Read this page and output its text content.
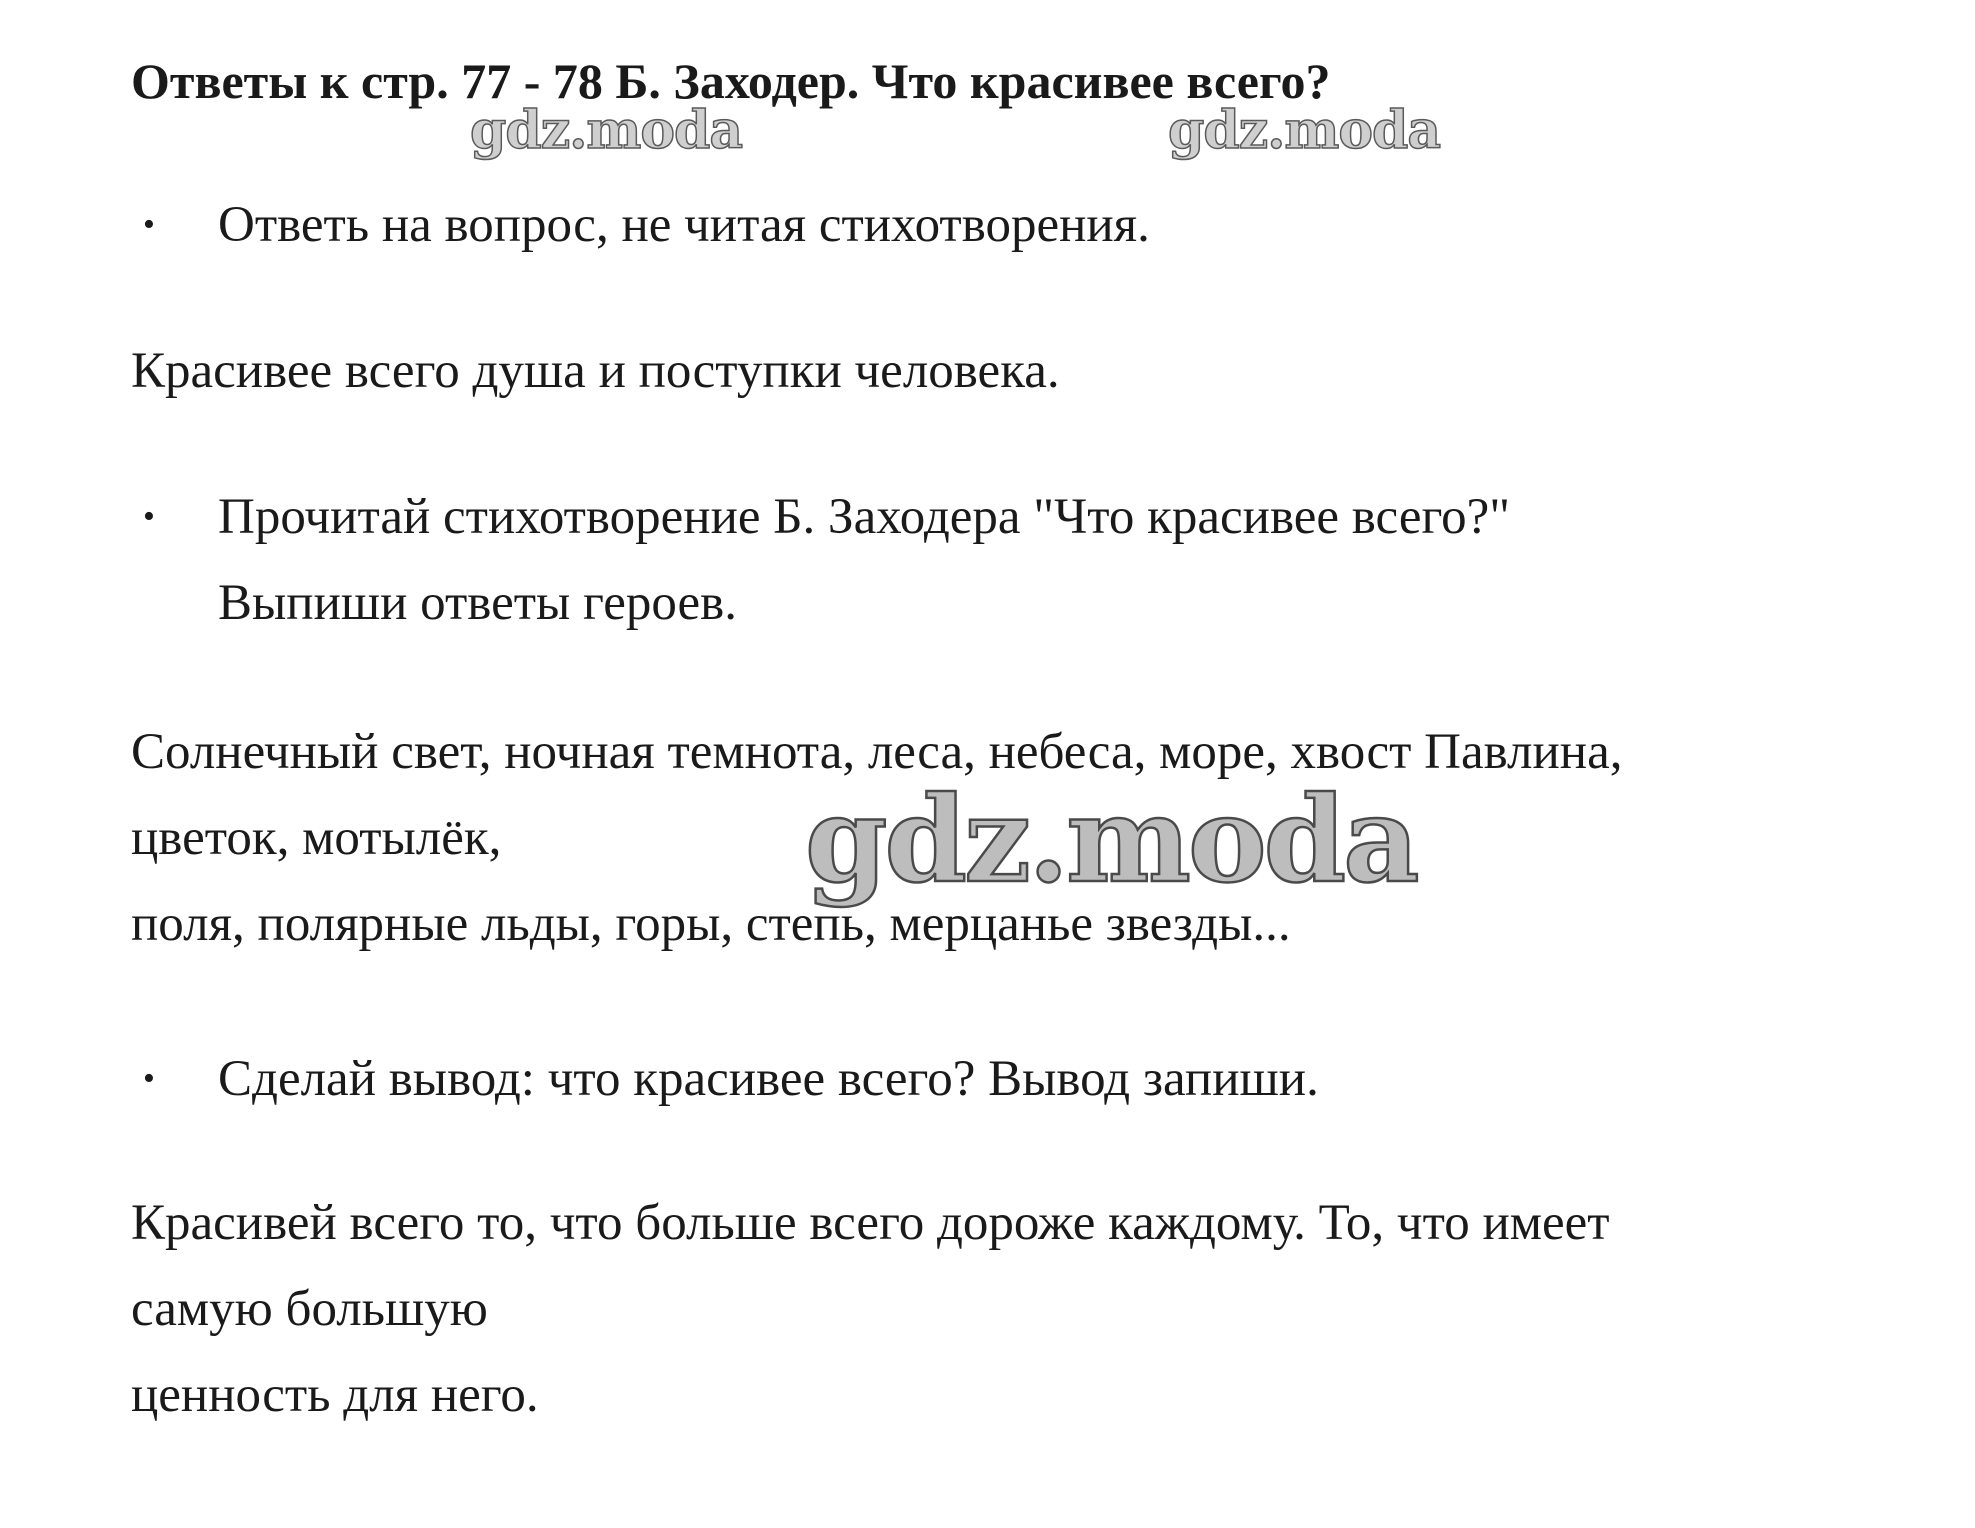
Ответы к стр. 77 - 78 Б. Заходер. Что красивее всего?
gdz.moda	gdz.moda
gdz.moda
• Ответь на вопрос, не читая стихотворения.
Красивее всего душа и поступки человека.
• Прочитай стихотворение Б. Заходера "Что красивее всего?"
Выпиши ответы героев.
Солнечный свет, ночная темнота, леса, небеса, море, хвост Павлина,
цветок, мотылёк,
поля, полярные льды, горы, степь, мерцанье звезды...
• Сделай вывод: что красивее всего? Вывод запиши.
Красивей всего то, что больше всего дороже каждому. То, что имеет
самую большую
ценность для него.
